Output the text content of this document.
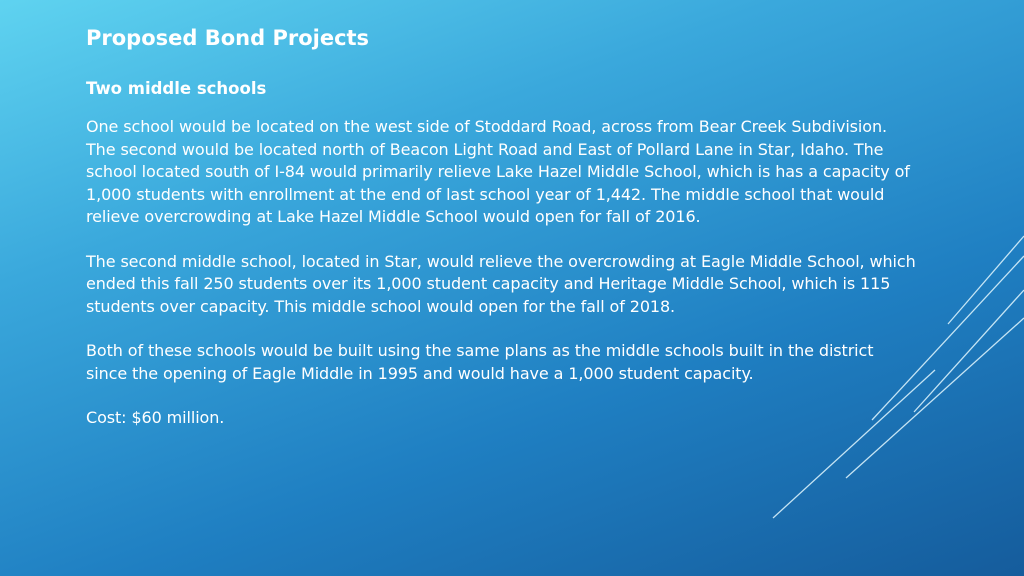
Proposed Bond Projects
Two middle schools

One school would be located on the west side of Stoddard Road, across from Bear Creek Subdivision. The second would be located north of Beacon Light Road and East of Pollard Lane in Star, Idaho. The school located south of I-84 would primarily relieve Lake Hazel Middle School, which is has a capacity of 1,000 students with enrollment at the end of last school year of 1,442. The middle school that would relieve overcrowding at Lake Hazel Middle School would open for fall of 2016.

The second middle school, located in Star, would relieve the overcrowding at Eagle Middle School, which ended this fall 250 students over its 1,000 student capacity and Heritage Middle School, which is 115 students over capacity. This middle school would open for the fall of 2018.

Both of these schools would be built using the same plans as the middle schools built in the district since the opening of Eagle Middle in 1995 and would have a 1,000 student capacity.

Cost: $60 million.
